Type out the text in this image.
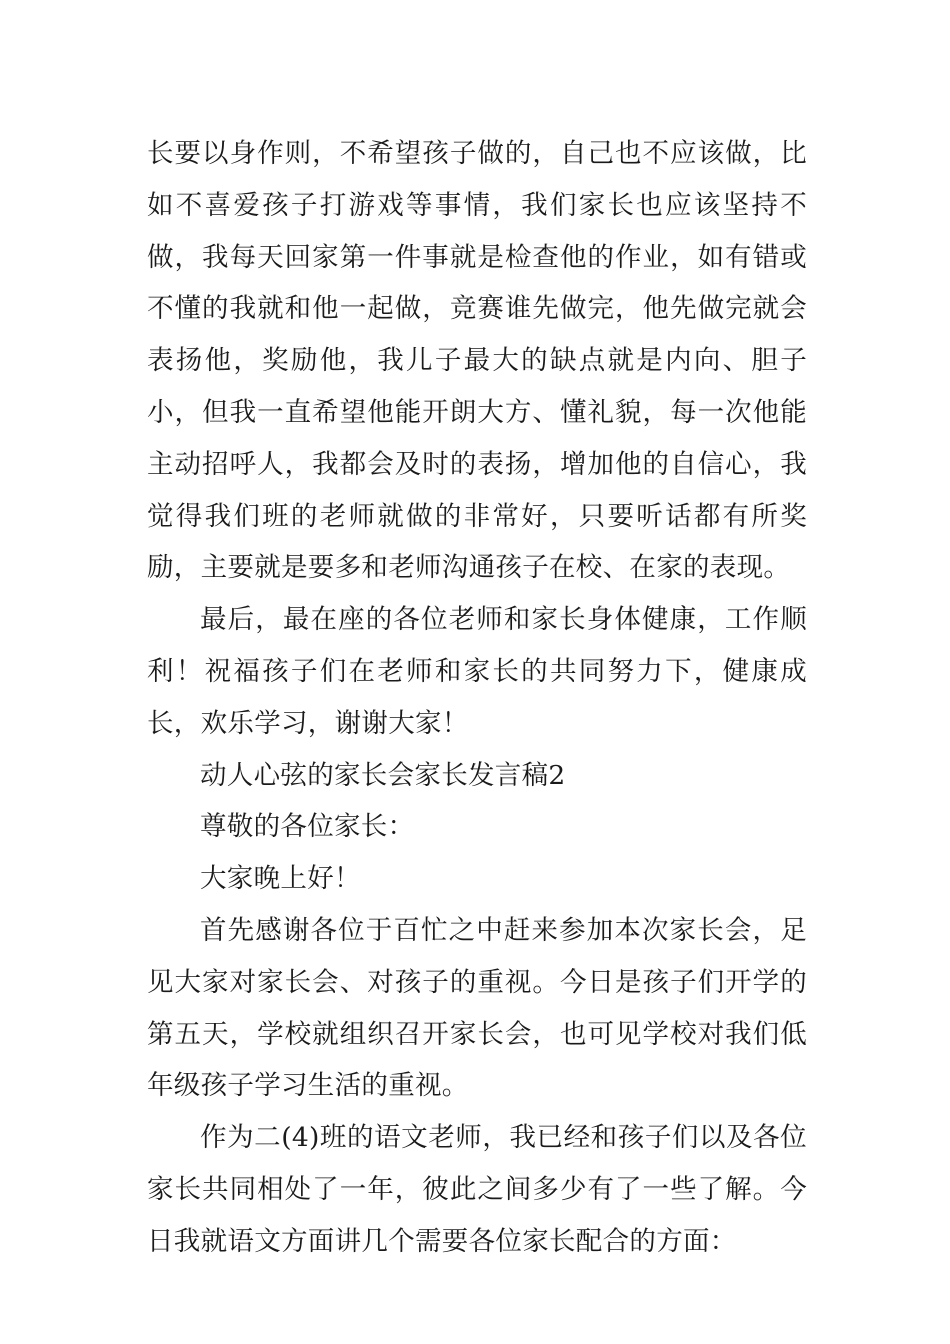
长要以身作则，不希望孩子做的，自己也不应该做，比如不喜爱孩子打游戏等事情，我们家长也应该坚持不做，我每天回家第一件事就是检查他的作业，如有错或不懂的我就和他一起做，竞赛谁先做完，他先做完就会表扬他，奖励他，我儿子最大的缺点就是内向、胆子小，但我一直希望他能开朗大方、懂礼貌，每一次他能主动招呼人，我都会及时的表扬，增加他的自信心，我觉得我们班的老师就做的非常好，只要听话都有所奖励，主要就是要多和老师沟通孩子在校、在家的表现。

最后，最在座的各位老师和家长身体健康，工作顺利！祝福孩子们在老师和家长的共同努力下，健康成长，欢乐学习，谢谢大家！

动人心弦的家长会家长发言稿2

尊敬的各位家长：

大家晚上好！

首先感谢各位于百忙之中赶来参加本次家长会，足见大家对家长会、对孩子的重视。今日是孩子们开学的第五天，学校就组织召开家长会，也可见学校对我们低年级孩子学习生活的重视。

作为二(4)班的语文老师，我已经和孩子们以及各位家长共同相处了一年，彼此之间多少有了一些了解。今日我就语文方面讲几个需要各位家长配合的方面：
